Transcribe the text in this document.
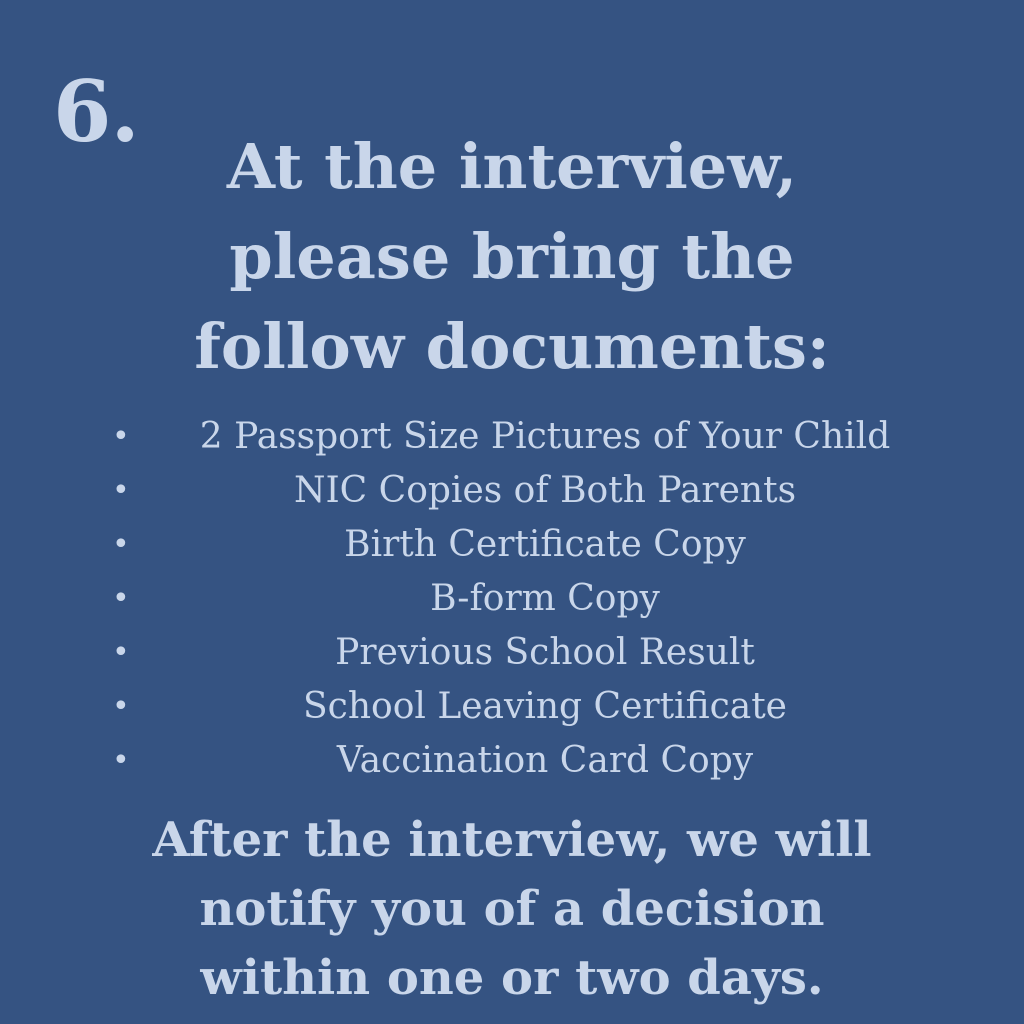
6.
At the interview,
please bring the
follow documents:
• 2 Passport Size Pictures of Your Child
•	NIC Copies of Both Parents
•	Birth Certificate Copy
•	B-form Copy
•	Previous School Result
•	School Leaving Certificate
•	Vaccination Card Copy
After the interview, we will
notify you of a decision
within one or two days.
